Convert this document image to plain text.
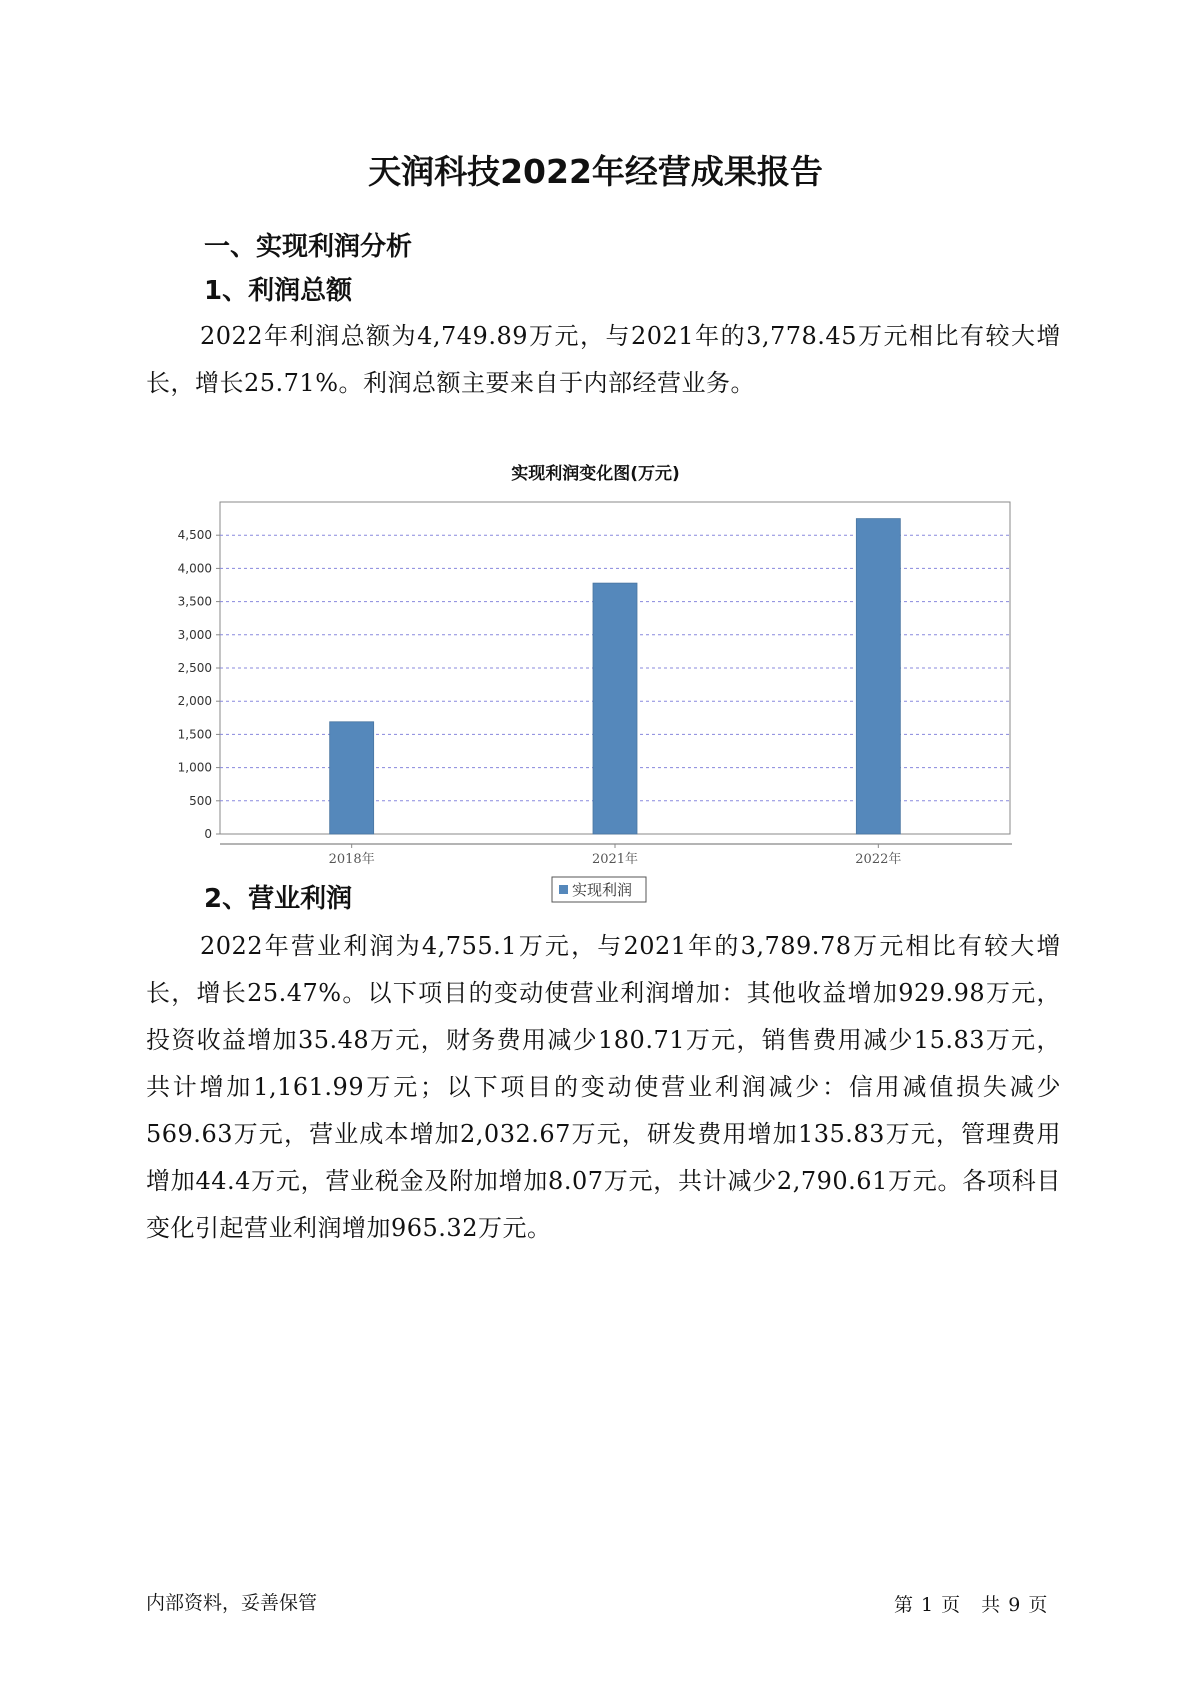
天润科技2022年经营成果报告
一、实现利润分析
1、利润总额
2022年利润总额为4,749.89万元，与2021年的3,778.45万元相比有较大增长，增长25.71%。利润总额主要来自于内部经营业务。
实现利润变化图(万元)
0
500
1,000
1,500
2,000
2,500
3,000
3,500
4,000
4,500
2018年	2021年	2022年
实现利润
2、营业利润
2022年营业利润为4,755.1万元，与2021年的3,789.78万元相比有较大增长，增长25.47%。以下项目的变动使营业利润增加：其他收益增加929.98万元，投资收益增加35.48万元，财务费用减少180.71万元，销售费用减少15.83万元，共计增加1,161.99万元；以下项目的变动使营业利润减少：信用减值损失减少569.63万元，营业成本增加2,032.67万元，研发费用增加135.83万元，管理费用增加44.4万元，营业税金及附加增加8.07万元，共计减少2,790.61万元。各项科目变化引起营业利润增加965.32万元。
内部资料，妥善保管	第 1 页　共 9 页
